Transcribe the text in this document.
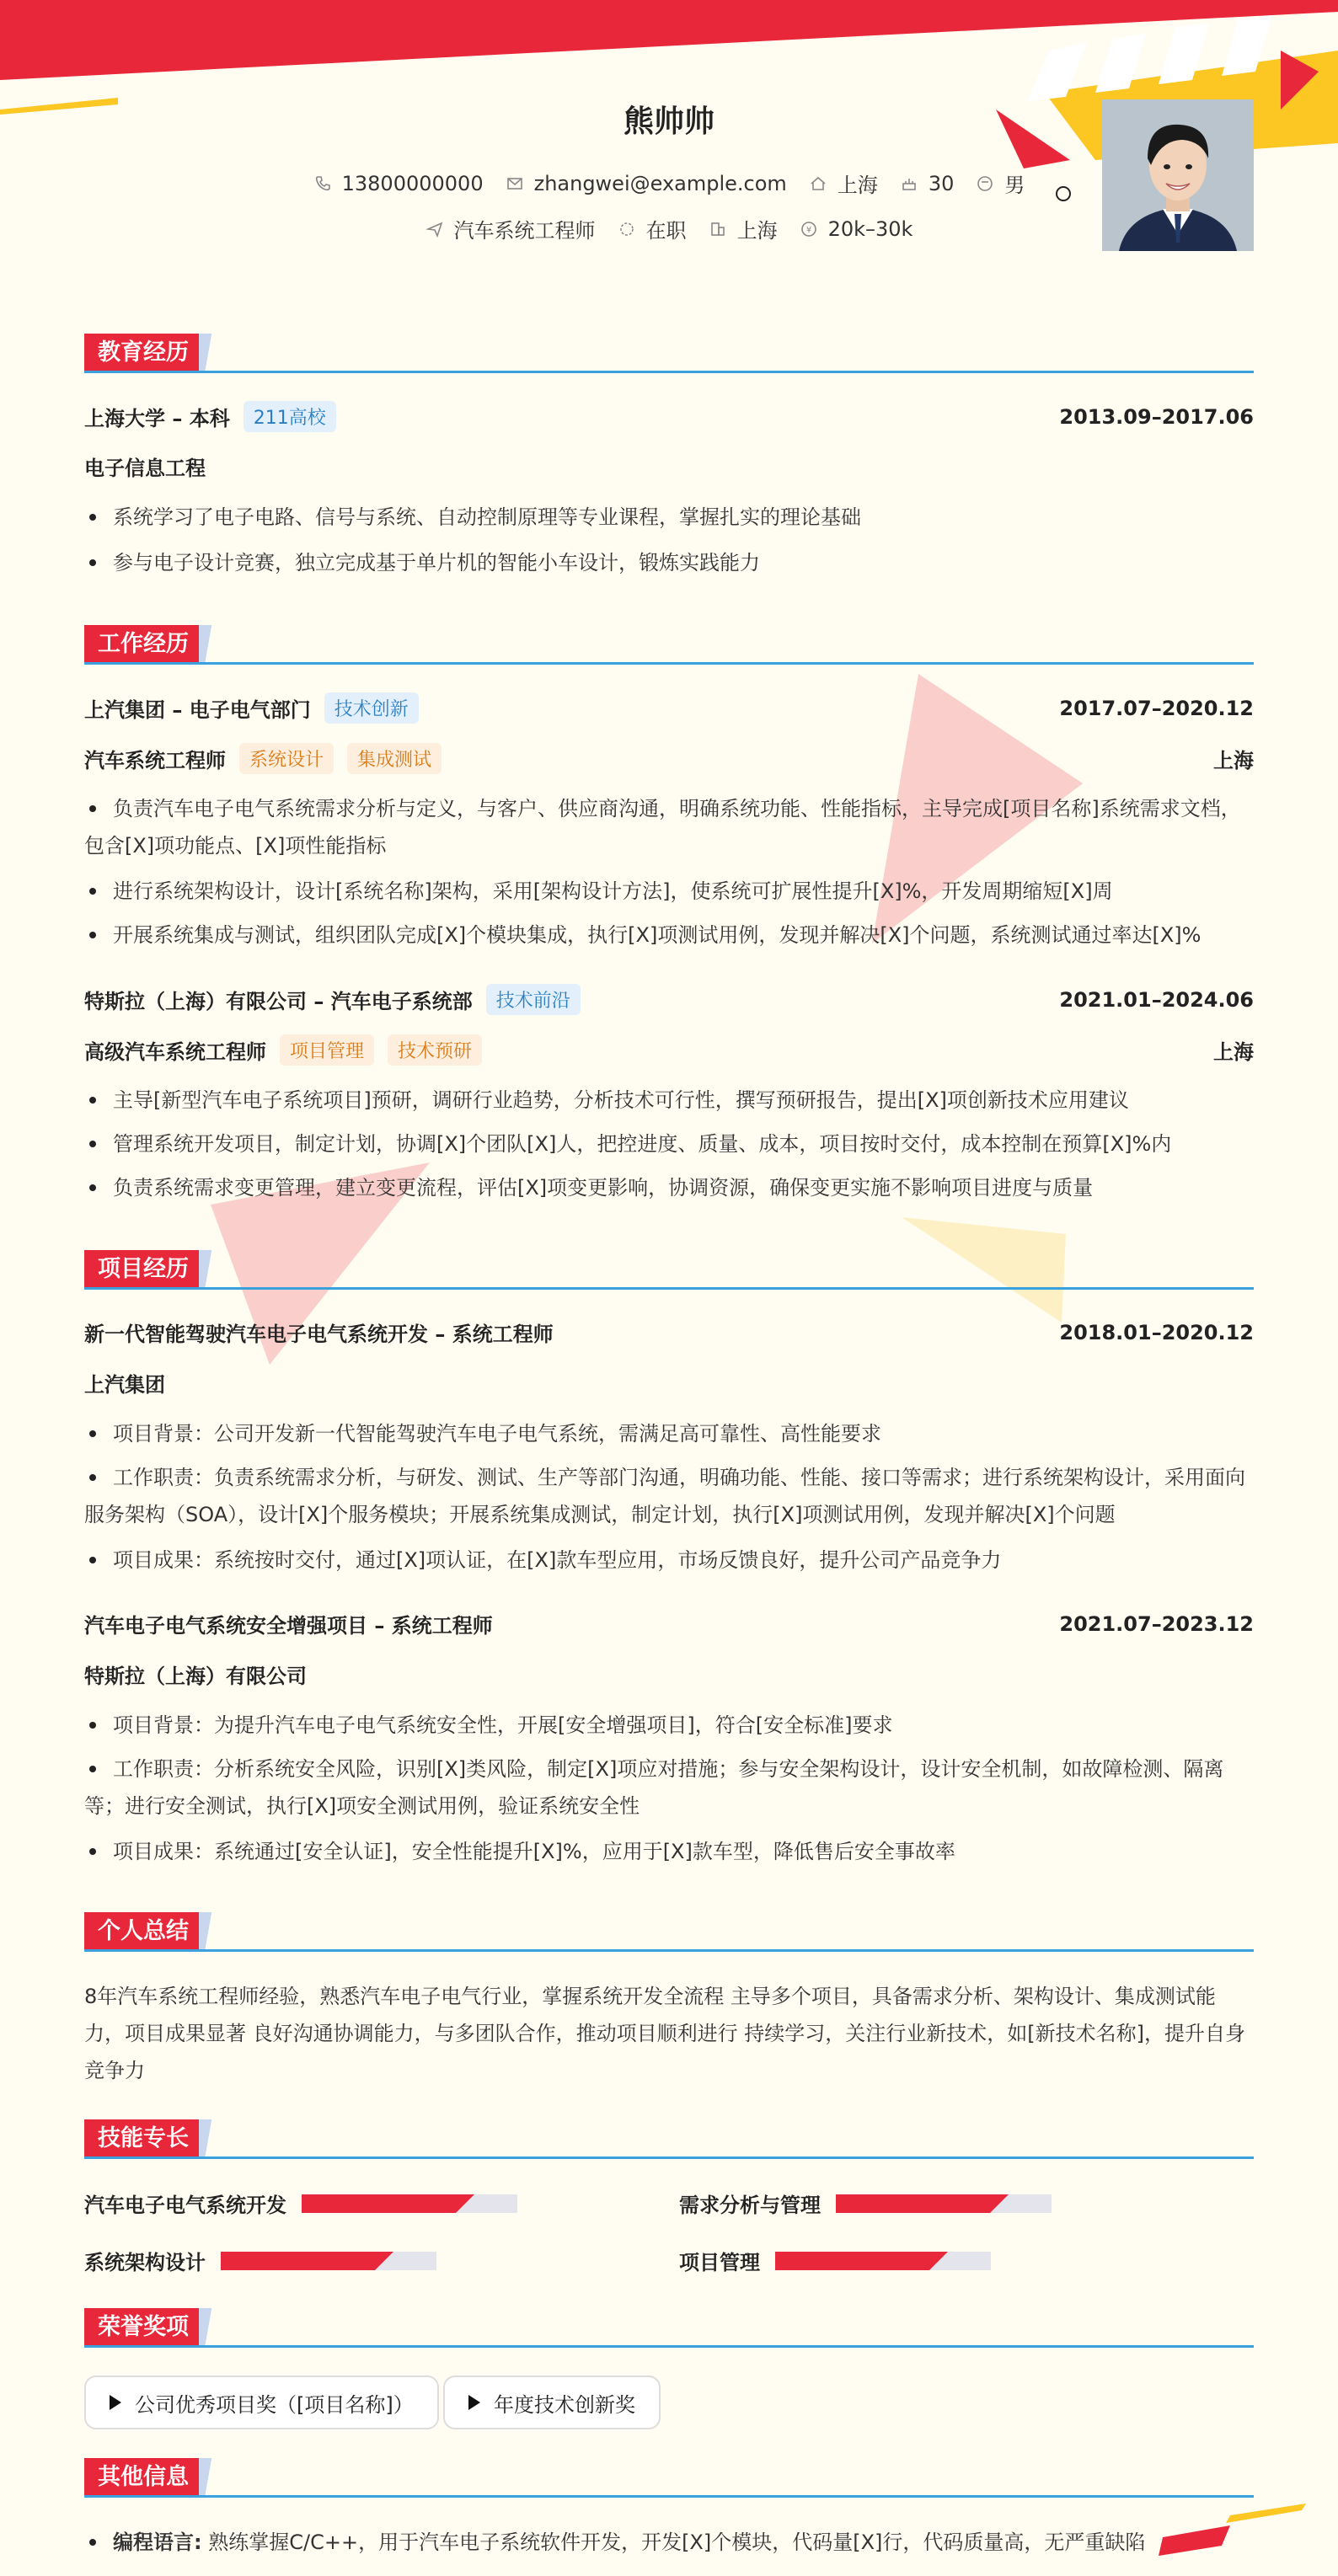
熊帅帅
13800000000	zhangwei@example.com	上海	30	男
汽车系统工程师	在职	上海	¥ 20k–30k
教育经历
上海大学 – 本科	211高校	2013.09–2017.06
电子信息工程
系统学习了电子电路、信号与系统、自动控制原理等专业课程，掌握扎实的理论基础
参与电子设计竞赛，独立完成基于单片机的智能小车设计，锻炼实践能力
工作经历
上汽集团 – 电子电气部门	技术创新	2017.07–2020.12
汽车系统工程师	系统设计	集成测试	上海
负责汽车电子电气系统需求分析与定义，与客户、供应商沟通，明确系统功能、性能指标，主导完成[项目名称]系统需求文档，
包含[X]项功能点、[X]项性能指标
进行系统架构设计，设计[系统名称]架构，采用[架构设计方法]，使系统可扩展性提升[X]%，开发周期缩短[X]周
开展系统集成与测试，组织团队完成[X]个模块集成，执行[X]项测试用例，发现并解决[X]个问题，系统测试通过率达[X]%
特斯拉（上海）有限公司 – 汽车电子系统部	技术前沿	2021.01–2024.06
高级汽车系统工程师	项目管理	技术预研	上海
主导[新型汽车电子系统项目]预研，调研行业趋势，分析技术可行性，撰写预研报告，提出[X]项创新技术应用建议
管理系统开发项目，制定计划，协调[X]个团队[X]人，把控进度、质量、成本，项目按时交付，成本控制在预算[X]%内
负责系统需求变更管理，建立变更流程，评估[X]项变更影响，协调资源，确保变更实施不影响项目进度与质量
项目经历
新一代智能驾驶汽车电子电气系统开发 – 系统工程师	2018.01–2020.12
上汽集团
项目背景：公司开发新一代智能驾驶汽车电子电气系统，需满足高可靠性、高性能要求
工作职责：负责系统需求分析，与研发、测试、生产等部门沟通，明确功能、性能、接口等需求；进行系统架构设计，采用面向
服务架构（SOA），设计[X]个服务模块；开展系统集成测试，制定计划，执行[X]项测试用例，发现并解决[X]个问题
项目成果：系统按时交付，通过[X]项认证，在[X]款车型应用，市场反馈良好，提升公司产品竞争力
汽车电子电气系统安全增强项目 – 系统工程师	2021.07–2023.12
特斯拉（上海）有限公司
项目背景：为提升汽车电子电气系统安全性，开展[安全增强项目]，符合[安全标准]要求
工作职责：分析系统安全风险，识别[X]类风险，制定[X]项应对措施；参与安全架构设计，设计安全机制，如故障检测、隔离
等；进行安全测试，执行[X]项安全测试用例，验证系统安全性
项目成果：系统通过[安全认证]，安全性能提升[X]%，应用于[X]款车型，降低售后安全事故率
个人总结
8年汽车系统工程师经验，熟悉汽车电子电气行业，掌握系统开发全流程 主导多个项目，具备需求分析、架构设计、集成测试能
力，项目成果显著 良好沟通协调能力，与多团队合作，推动项目顺利进行 持续学习，关注行业新技术，如[新技术名称]，提升自身
竞争力
技能专长
汽车电子电气系统开发	需求分析与管理
系统架构设计	项目管理
荣誉奖项
公司优秀项目奖（[项目名称]）	年度技术创新奖
其他信息
编程语言: 熟练掌握C/C++，用于汽车电子系统软件开发，开发[X]个模块，代码量[X]行，代码质量高，无严重缺陷
